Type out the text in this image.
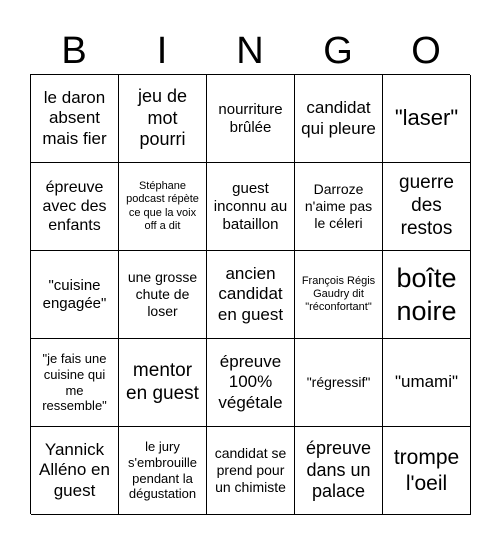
B	I	N	G	O
le daron absent mais fier
jeu de mot pourri
nourriture brûlée
candidat qui pleure "laser"
épreuve avec des enfants
Stéphane podcast répète ce que la voix off a dit
guest inconnu au bataillon
Darroze n'aime pas le céleri
guerre des restos
"cuisine engagée"
une grosse chute de loser
ancien candidat en guest
François Régis Gaudry dit "réconfortant"
boîte noire
"je fais une cuisine qui me ressemble"
mentor en guest
épreuve 100% végétale
"régressif" "umami"
Yannick Alléno en guest
le jury s'embrouille pendant la dégustation
candidat se prend pour un chimiste
épreuve dans un palace
trompe l'oeil
